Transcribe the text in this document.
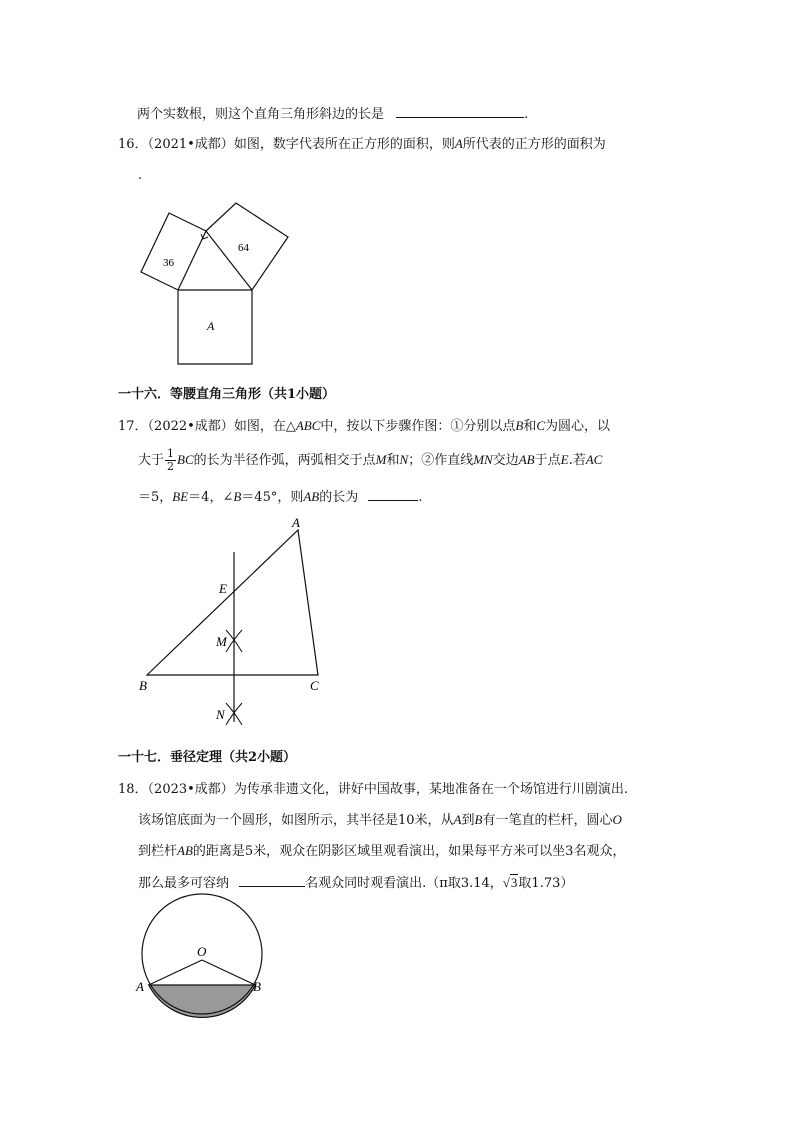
两个实数根，则这个直角三角形斜边的长是	.
16．（2021•成都）如图，数字代表所在正方形的面积，则A所代表的正方形的面积为
.
36
64
A
一十六．等腰直角三角形（共1小题）
17．（2022•成都）如图，在△ABC中，按以下步骤作图：①分别以点B和C为圆心，以
大于 $\frac{1}{2}$ BC的长为半径作弧，两弧相交于点M和N；②作直线MN交边AB于点E.若AC
＝5，BE＝4，∠B＝45°，则AB的长为	.
A
B	C
E
M
N
一十七．垂径定理（共2小题）
18．（2023•成都）为传承非遗文化，讲好中国故事，某地准备在一个场馆进行川剧演出.
该场馆底面为一个圆形，如图所示，其半径是10米，从A到B有一笔直的栏杆，圆心O
到栏杆AB的距离是5米，观众在阴影区域里观看演出，如果每平方米可以坐3名观众，
那么最多可容纳	名观众同时观看演出.（π取3.14，√3取1.73）
O
A	B
